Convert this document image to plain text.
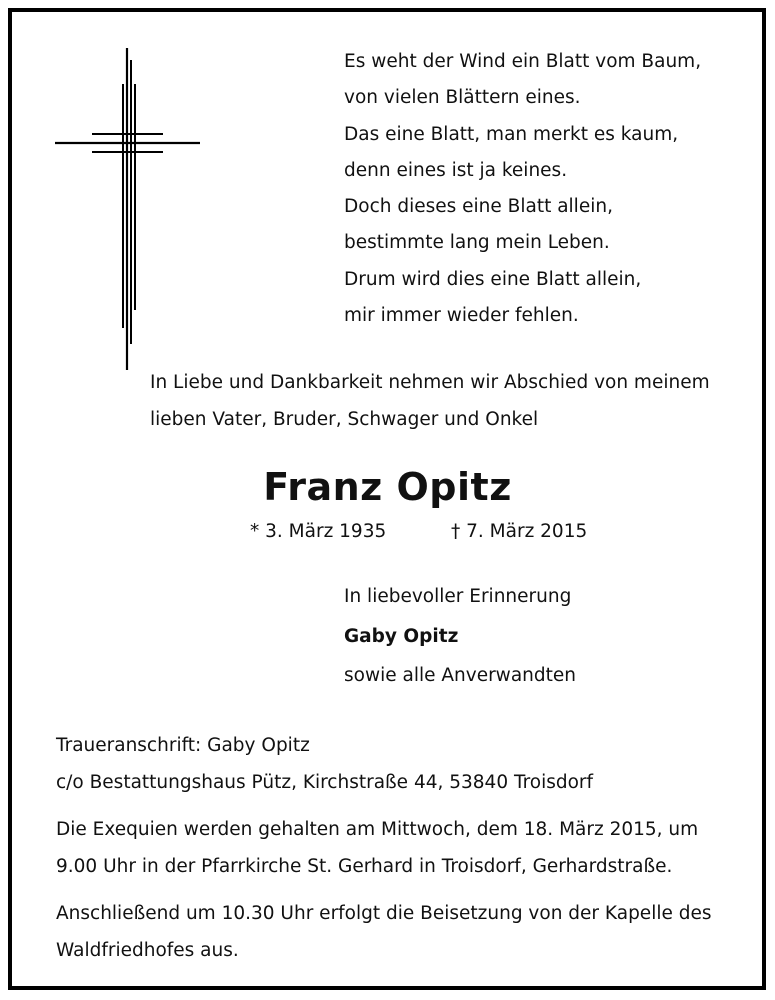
Es weht der Wind ein Blatt vom Baum,
von vielen Blättern eines.
Das eine Blatt, man merkt es kaum,
denn eines ist ja keines.
Doch dieses eine Blatt allein,
bestimmte lang mein Leben.
Drum wird dies eine Blatt allein,
mir immer wieder fehlen.

In Liebe und Dankbarkeit nehmen wir Abschied von meinem
lieben Vater, Bruder, Schwager und Onkel

Franz Opitz
* 3. März 1935	† 7. März 2015
In liebevoller Erinnerung
Gaby Opitz
sowie alle Anverwandten
Traueranschrift: Gaby Opitz
c/o Bestattungshaus Pütz, Kirchstraße 44, 53840 Troisdorf
Die Exequien werden gehalten am Mittwoch, dem 18. März 2015, um
9.00 Uhr in der Pfarrkirche St. Gerhard in Troisdorf, Gerhardstraße.
Anschließend um 10.30 Uhr erfolgt die Beisetzung von der Kapelle des
Waldfriedhofes aus.
